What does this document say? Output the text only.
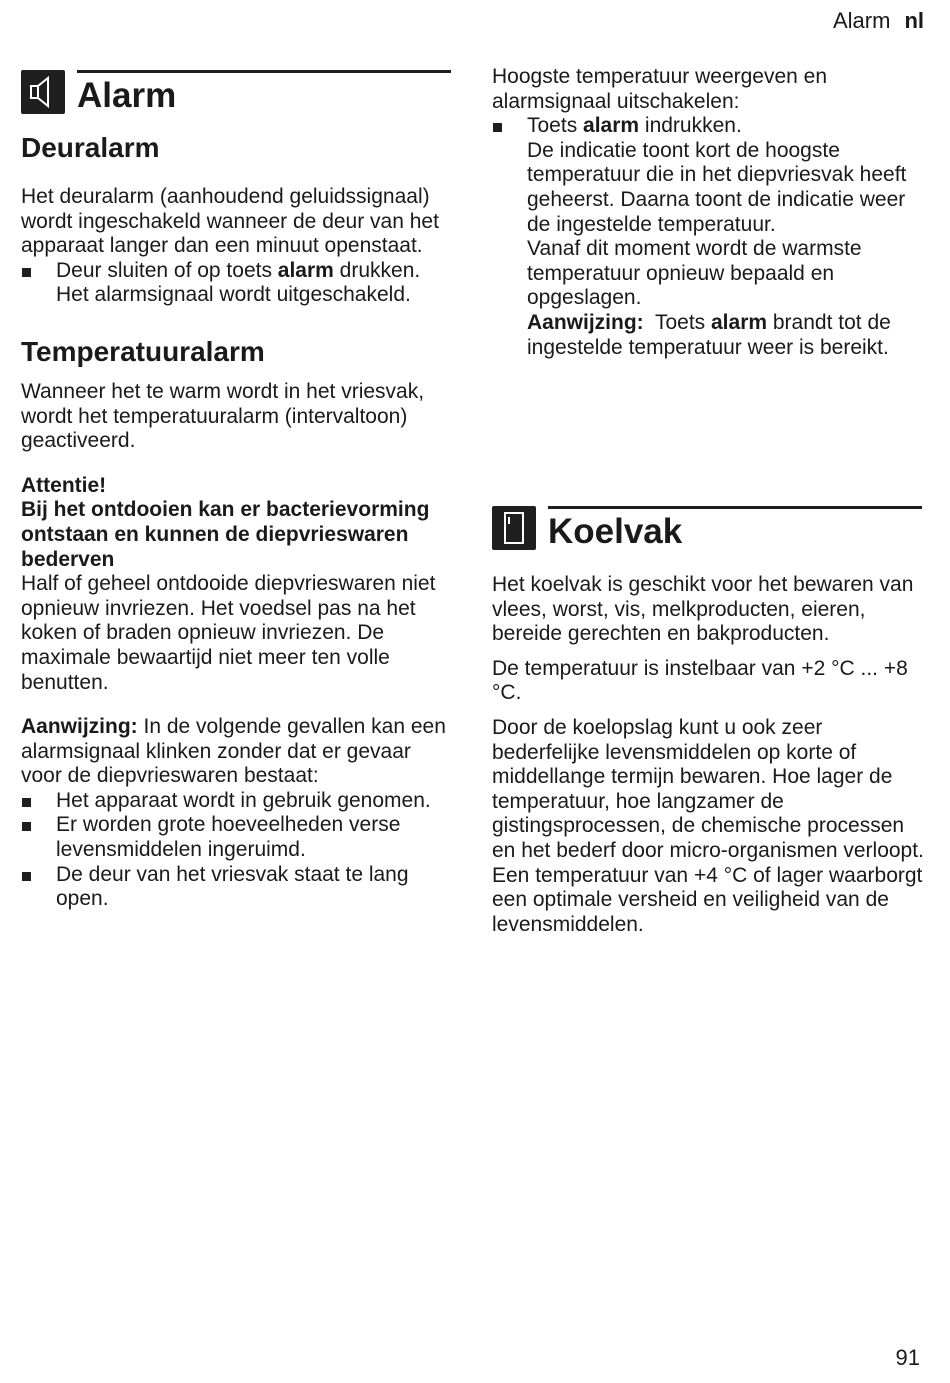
Alarm nl
Alarm
Deuralarm

Het deuralarm (aanhoudend geluidssignaal) wordt ingeschakeld wanneer de deur van het apparaat langer dan een minuut openstaat.

Deur sluiten of op toets alarm drukken.
Het alarmsignaal wordt uitgeschakeld.
Temperatuuralarm

Wanneer het te warm wordt in het vriesvak, wordt het temperatuuralarm (intervaltoon) geactiveerd.

Attentie!

Bij het ontdooien kan er bacterievorming ontstaan en kunnen de diepvrieswaren bederven

Half of geheel ontdooide diepvrieswaren niet opnieuw invriezen. Het voedsel pas na het koken of braden opnieuw invriezen. De maximale bewaartijd niet meer ten volle benutten.

Aanwijzing: In de volgende gevallen kan een alarmsignaal klinken zonder dat er gevaar voor de diepvrieswaren bestaat:

Het apparaat wordt in gebruik genomen.
Er worden grote hoeveelheden verse levensmiddelen ingeruimd.
De deur van het vriesvak staat te lang open.

Hoogste temperatuur weergeven en alarmsignaal uitschakelen:

Toets alarm indrukken.
De indicatie toont kort de hoogste temperatuur die in het diepvriesvak heeft geheerst. Daarna toont de indicatie weer de ingestelde temperatuur.
Vanaf dit moment wordt de warmste temperatuur opnieuw bepaald en opgeslagen.
Aanwijzing:  Toets alarm brandt tot de ingestelde temperatuur weer is bereikt.
Koelvak

Het koelvak is geschikt voor het bewaren van vlees, worst, vis, melkproducten, eieren, bereide gerechten en bakproducten.

De temperatuur is instelbaar van +2 °C ... +8 °C.

Door de koelopslag kunt u ook zeer bederfelijke levensmiddelen op korte of middellange termijn bewaren. Hoe lager de temperatuur, hoe langzamer de gistingsprocessen, de chemische processen en het bederf door micro-organismen verloopt. Een temperatuur van +4 °C of lager waarborgt een optimale versheid en veiligheid van de levensmiddelen.

91
